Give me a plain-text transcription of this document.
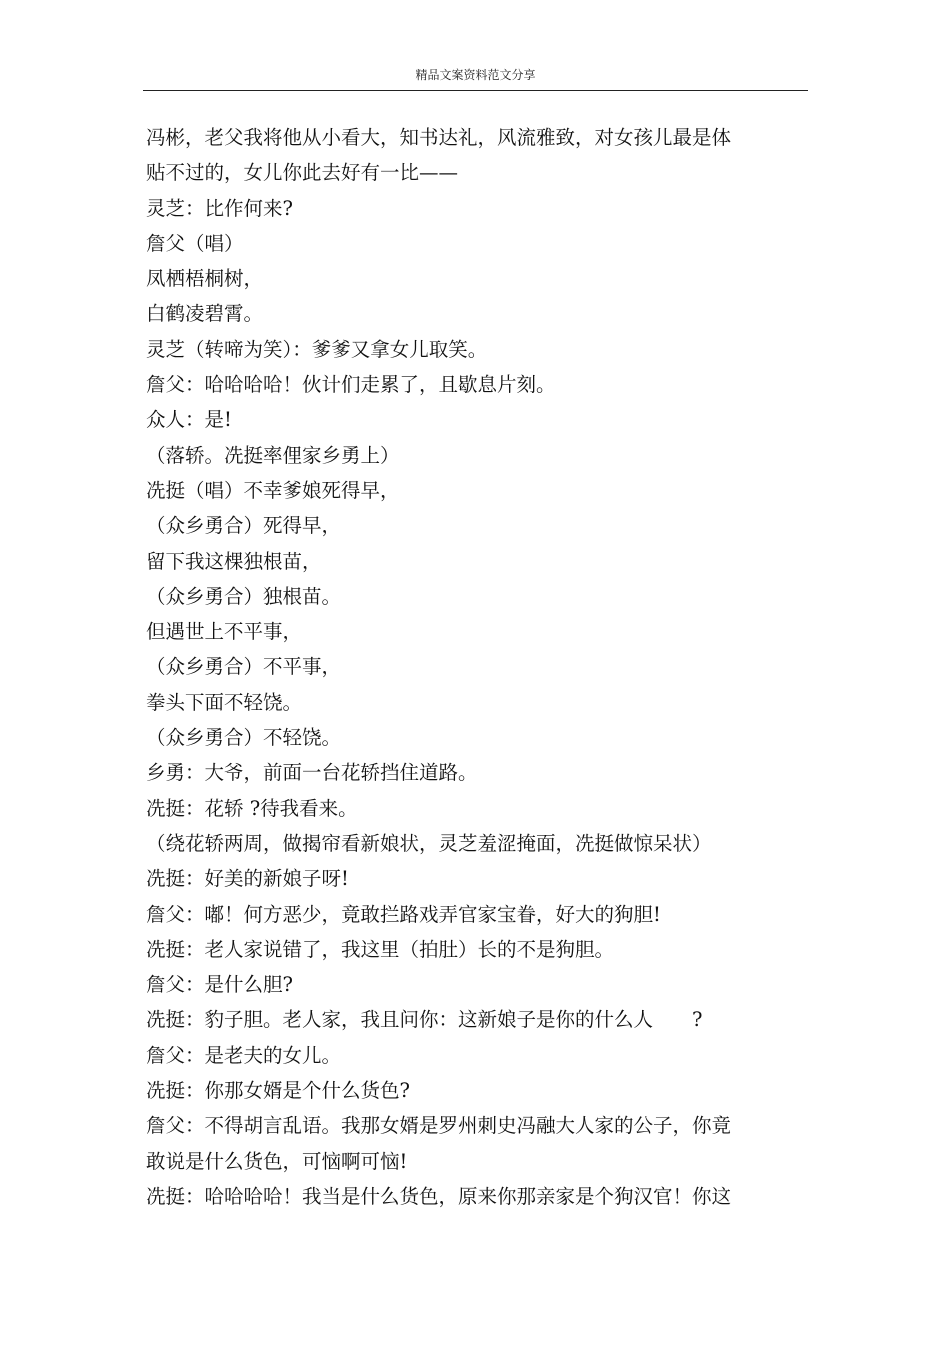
精品文案资料范文分享
冯彬，老父我将他从小看大，知书达礼，风流雅致，对女孩儿最是体
贴不过的，女儿你此去好有一比——
灵芝：比作何来?
詹父（唱）
凤栖梧桐树，
白鹤凌碧霄。
灵芝（转啼为笑）：爹爹又拿女儿取笑。
詹父：哈哈哈哈！伙计们走累了，且歇息片刻。
众人：是!
（落轿。冼挺率俚家乡勇上）
冼挺（唱）不幸爹娘死得早，
（众乡勇合）死得早，
留下我这棵独根苗，
（众乡勇合）独根苗。
但遇世上不平事，
（众乡勇合）不平事，
拳头下面不轻饶。
（众乡勇合）不轻饶。
乡勇：大爷，前面一台花轿挡住道路。
冼挺：花轿 ?待我看来。
（绕花轿两周，做揭帘看新娘状，灵芝羞涩掩面，冼挺做惊呆状）
冼挺：好美的新娘子呀!
詹父：嘟！何方恶少，竟敢拦路戏弄官家宝眷，好大的狗胆!
冼挺：老人家说错了，我这里（拍肚）长的不是狗胆。
詹父：是什么胆?
冼挺：豹子胆。老人家，我且问你：这新娘子是你的什么人　　?
詹父：是老夫的女儿。
冼挺：你那女婿是个什么货色?
詹父：不得胡言乱语。我那女婿是罗州刺史冯融大人家的公子，你竟
敢说是什么货色，可恼啊可恼!
冼挺：哈哈哈哈！我当是什么货色，原来你那亲家是个狗汉官！你这
